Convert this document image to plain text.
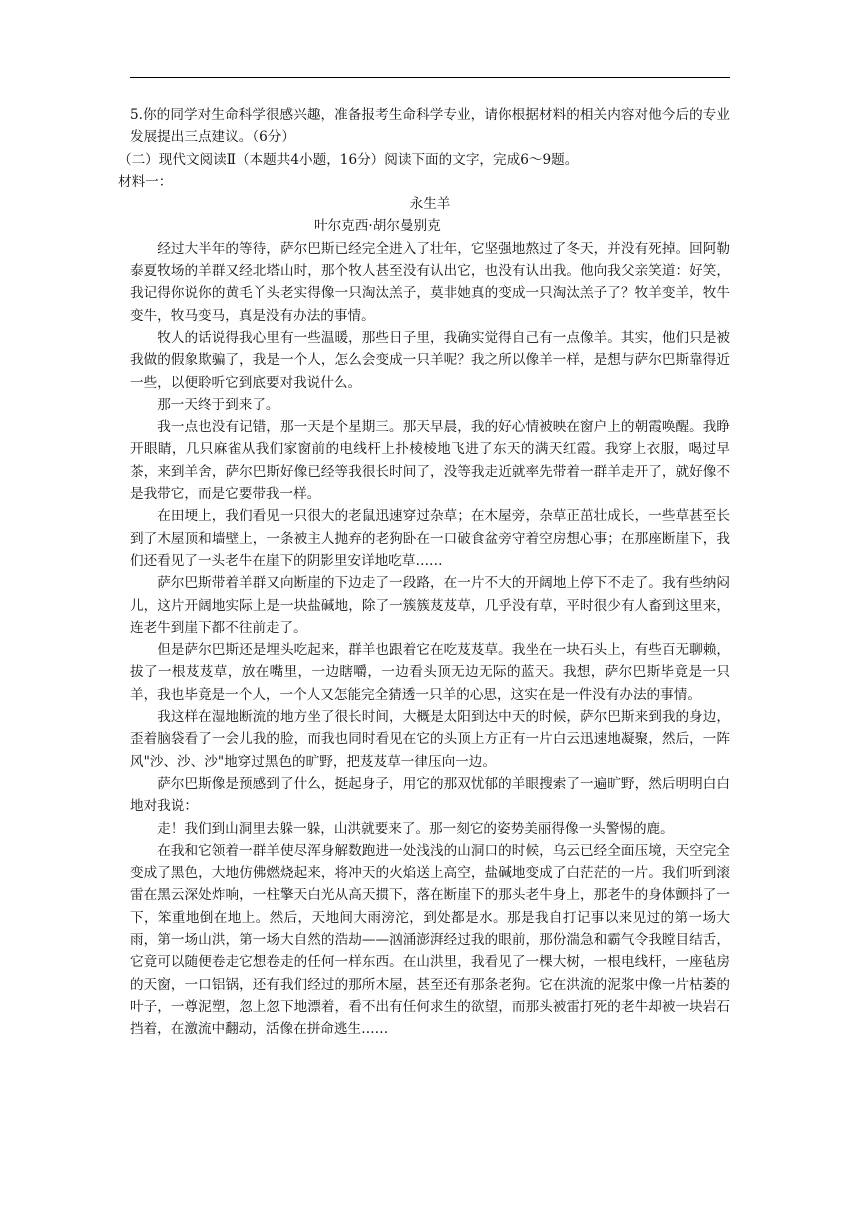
5.你的同学对生命科学很感兴趣，准备报考生命科学专业，请你根据材料的相关内容对他今后的专业发展提出三点建议。（6分）

（二）现代文阅读Ⅱ（本题共4小题，16分）阅读下面的文字，完成6～9题。

材料一：

永生羊

叶尔克西·胡尔曼别克

经过大半年的等待，萨尔巴斯已经完全进入了壮年，它坚强地熬过了冬天，并没有死掉。回阿勒泰夏牧场的羊群又经北塔山时，那个牧人甚至没有认出它，也没有认出我。他向我父亲笑道：好笑，我记得你说你的黄毛丫头老实得像一只淘汰羔子，莫非她真的变成一只淘汰羔子了？牧羊变羊，牧牛变牛，牧马变马，真是没有办法的事情。

牧人的话说得我心里有一些温暖，那些日子里，我确实觉得自己有一点像羊。其实，他们只是被我做的假象欺骗了，我是一个人，怎么会变成一只羊呢？我之所以像羊一样，是想与萨尔巴斯靠得近一些，以便聆听它到底要对我说什么。

那一天终于到来了。

我一点也没有记错，那一天是个星期三。那天早晨，我的好心情被映在窗户上的朝霞唤醒。我睁开眼睛，几只麻雀从我们家窗前的电线杆上扑棱棱地飞进了东天的满天红霞。我穿上衣服，喝过早茶，来到羊舍，萨尔巴斯好像已经等我很长时间了，没等我走近就率先带着一群羊走开了，就好像不是我带它，而是它要带我一样。

在田埂上，我们看见一只很大的老鼠迅速穿过杂草；在木屋旁，杂草正茁壮成长，一些草甚至长到了木屋顶和墙壁上，一条被主人抛弃的老狗卧在一口破食盆旁守着空房想心事；在那座断崖下，我们还看见了一头老牛在崖下的阴影里安详地吃草……

萨尔巴斯带着羊群又向断崖的下边走了一段路，在一片不大的开阔地上停下不走了。我有些纳闷儿，这片开阔地实际上是一块盐碱地，除了一簇簇芨芨草，几乎没有草，平时很少有人畜到这里来，连老牛到崖下都不往前走了。

但是萨尔巴斯还是埋头吃起来，群羊也跟着它在吃芨芨草。我坐在一块石头上，有些百无聊赖，拔了一根芨芨草，放在嘴里，一边瞎嚼，一边看头顶无边无际的蓝天。我想，萨尔巴斯毕竟是一只羊，我也毕竟是一个人，一个人又怎能完全猜透一只羊的心思，这实在是一件没有办法的事情。

我这样在湿地断流的地方坐了很长时间，大概是太阳到达中天的时候，萨尔巴斯来到我的身边，歪着脑袋看了一会儿我的脸，而我也同时看见在它的头顶上方正有一片白云迅速地凝聚，然后，一阵风"沙、沙、沙"地穿过黑色的旷野，把芨芨草一律压向一边。

萨尔巴斯像是预感到了什么，挺起身子，用它的那双忧郁的羊眼搜索了一遍旷野，然后明明白白地对我说：

走！我们到山洞里去躲一躲，山洪就要来了。那一刻它的姿势美丽得像一头警惕的鹿。

在我和它领着一群羊使尽浑身解数跑进一处浅浅的山洞口的时候，乌云已经全面压境，天空完全变成了黑色，大地仿佛燃烧起来，将冲天的火焰送上高空，盐碱地变成了白茫茫的一片。我们听到滚雷在黑云深处炸响，一柱擎天白光从高天掼下，落在断崖下的那头老牛身上，那老牛的身体颤抖了一下，笨重地倒在地上。然后，天地间大雨滂沱，到处都是水。那是我自打记事以来见过的第一场大雨，第一场山洪，第一场大自然的浩劫——汹涌澎湃经过我的眼前，那份湍急和霸气令我瞠目结舌，它竟可以随便卷走它想卷走的任何一样东西。在山洪里，我看见了一棵大树，一根电线杆，一座毡房的天窗，一口铝锅，还有我们经过的那所木屋，甚至还有那条老狗。它在洪流的泥浆中像一片枯萎的叶子，一尊泥塑，忽上忽下地漂着，看不出有任何求生的欲望，而那头被雷打死的老牛却被一块岩石挡着，在激流中翻动，活像在拼命逃生……
